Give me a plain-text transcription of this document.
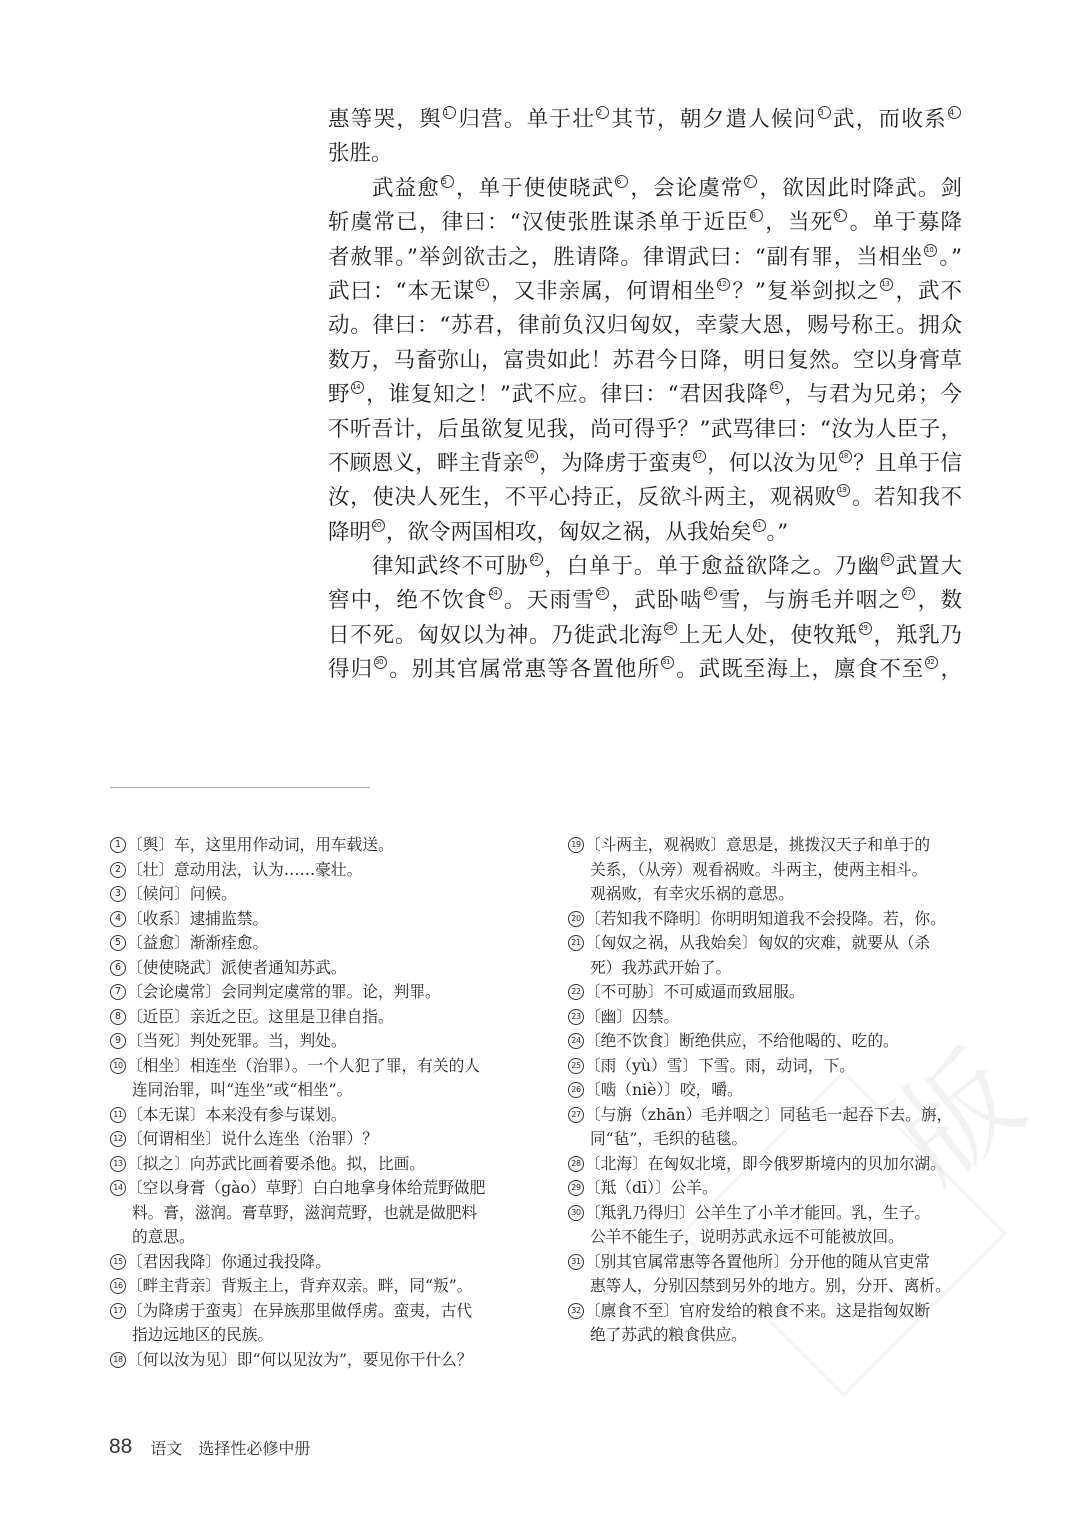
版
惠等哭，舆 1 归营。单于壮 2 其节，朝夕遣人候问 3 武，而收系 4
张胜。
武益愈 5 ，单于使使晓武 6 ，会论虞常 7 ，欲因此时降武。剑
斩虞常已，律曰：“汉使张胜谋杀单于近臣 8 ，当死 9 。单于募降
者赦罪。”举剑欲击之，胜请降。律谓武曰：“副有罪，当相坐 10 。”
武曰：“本无谋 11 ，又非亲属，何谓相坐 12 ？”复举剑拟之 13 ，武不
动。律曰：“苏君，律前负汉归匈奴，幸蒙大恩，赐号称王。拥众
数万，马畜弥山，富贵如此！苏君今日降，明日复然。空以身膏草
野 14 ，谁复知之！”武不应。律曰：“君因我降 15 ，与君为兄弟；今
不听吾计，后虽欲复见我，尚可得乎？”武骂律曰：“汝为人臣子，
不顾恩义，畔主背亲 16 ，为降虏于蛮夷 17 ，何以汝为见 18 ？且单于信
汝，使决人死生，不平心持正，反欲斗两主，观祸败 19 。若知我不
降明 20 ，欲令两国相攻，匈奴之祸，从我始矣 21 。”
律知武终不可胁 22 ，白单于。单于愈益欲降之。乃幽 23 武置大
窖中，绝不饮食 24 。天雨雪 25 ，武卧啮 26 雪，与旃毛并咽之 27 ，数
日不死。匈奴以为神。乃徙武北海 28 上无人处，使牧羝 29 ，羝乳乃
得归 30 。别其官属常惠等各置他所 31 。武既至海上，廪食不至 32 ，
1 〔舆〕车，这里用作动词，用车载送。
2 〔壮〕意动用法，认为……豪壮。
3 〔候问〕问候。
4 〔收系〕逮捕监禁。
5 〔益愈〕渐渐痊愈。
6 〔使使晓武〕派使者通知苏武。
7 〔会论虞常〕会同判定虞常的罪。论，判罪。
8 〔近臣〕亲近之臣。这里是卫律自指。
9 〔当死〕判处死罪。当，判处。
10 〔相坐〕相连坐（治罪）。一个人犯了罪，有关的人
连同治罪，叫“连坐”或“相坐”。
11 〔本无谋〕本来没有参与谋划。
12 〔何谓相坐〕说什么连坐（治罪）？
13 〔拟之〕向苏武比画着要杀他。拟，比画。
14 〔空以身膏（gào）草野〕白白地拿身体给荒野做肥
料。膏，滋润。膏草野，滋润荒野，也就是做肥料
的意思。
15 〔君因我降〕你通过我投降。
16 〔畔主背亲〕背叛主上，背弃双亲。畔，同“叛”。
17 〔为降虏于蛮夷〕在异族那里做俘虏。蛮夷，古代
指边远地区的民族。
18 〔何以汝为见〕即“何以见汝为”，要见你干什么？
19 〔斗两主，观祸败〕意思是，挑拨汉天子和单于的
关系，（从旁）观看祸败。斗两主，使两主相斗。
观祸败，有幸灾乐祸的意思。
20 〔若知我不降明〕你明明知道我不会投降。若，你。
21 〔匈奴之祸，从我始矣〕匈奴的灾难，就要从（杀
死）我苏武开始了。
22 〔不可胁〕不可威逼而致屈服。
23 〔幽〕囚禁。
24 〔绝不饮食〕断绝供应，不给他喝的、吃的。
25 〔雨（yù）雪〕下雪。雨，动词，下。
26 〔啮（niè）〕咬，嚼。
27 〔与旃（zhān）毛并咽之〕同毡毛一起吞下去。旃，
同“毡”，毛织的毡毯。
28 〔北海〕在匈奴北境，即今俄罗斯境内的贝加尔湖。
29 〔羝（dī）〕公羊。
30 〔羝乳乃得归〕公羊生了小羊才能回。乳，生子。
公羊不能生子，说明苏武永远不可能被放回。
31 〔别其官属常惠等各置他所〕分开他的随从官吏常
惠等人，分别囚禁到另外的地方。别，分开、离析。
32 〔廪食不至〕官府发给的粮食不来。这是指匈奴断
绝了苏武的粮食供应。
88 语文 选择性必修中册
